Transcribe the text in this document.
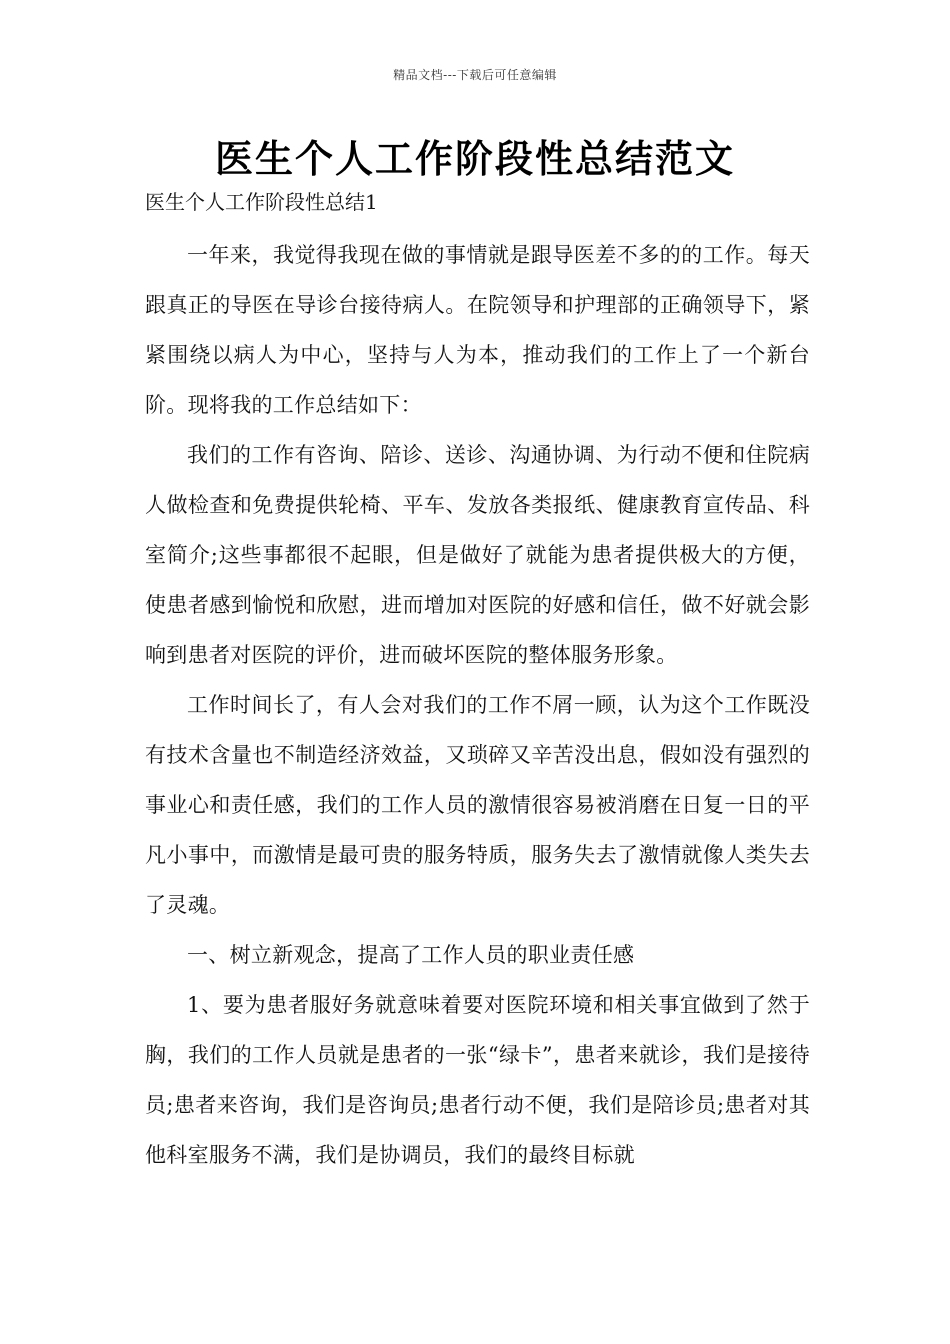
精品文档---下载后可任意编辑
医生个人工作阶段性总结范文
医生个人工作阶段性总结1

一年来，我觉得我现在做的事情就是跟导医差不多的的工作。每天跟真正的导医在导诊台接待病人。在院领导和护理部的正确领导下，紧紧围绕以病人为中心，坚持与人为本，推动我们的工作上了一个新台阶。现将我的工作总结如下：

我们的工作有咨询、陪诊、送诊、沟通协调、为行动不便和住院病人做检查和免费提供轮椅、平车、发放各类报纸、健康教育宣传品、科室简介;这些事都很不起眼，但是做好了就能为患者提供极大的方便，使患者感到愉悦和欣慰，进而增加对医院的好感和信任，做不好就会影响到患者对医院的评价，进而破坏医院的整体服务形象。

工作时间长了，有人会对我们的工作不屑一顾，认为这个工作既没有技术含量也不制造经济效益，又琐碎又辛苦没出息，假如没有强烈的事业心和责任感，我们的工作人员的激情很容易被消磨在日复一日的平凡小事中，而激情是最可贵的服务特质，服务失去了激情就像人类失去了灵魂。

一、树立新观念，提高了工作人员的职业责任感

1、要为患者服好务就意味着要对医院环境和相关事宜做到了然于胸，我们的工作人员就是患者的一张“绿卡”，患者来就诊，我们是接待员;患者来咨询，我们是咨询员;患者行动不便，我们是陪诊员;患者对其他科室服务不满，我们是协调员，我们的最终目标就
